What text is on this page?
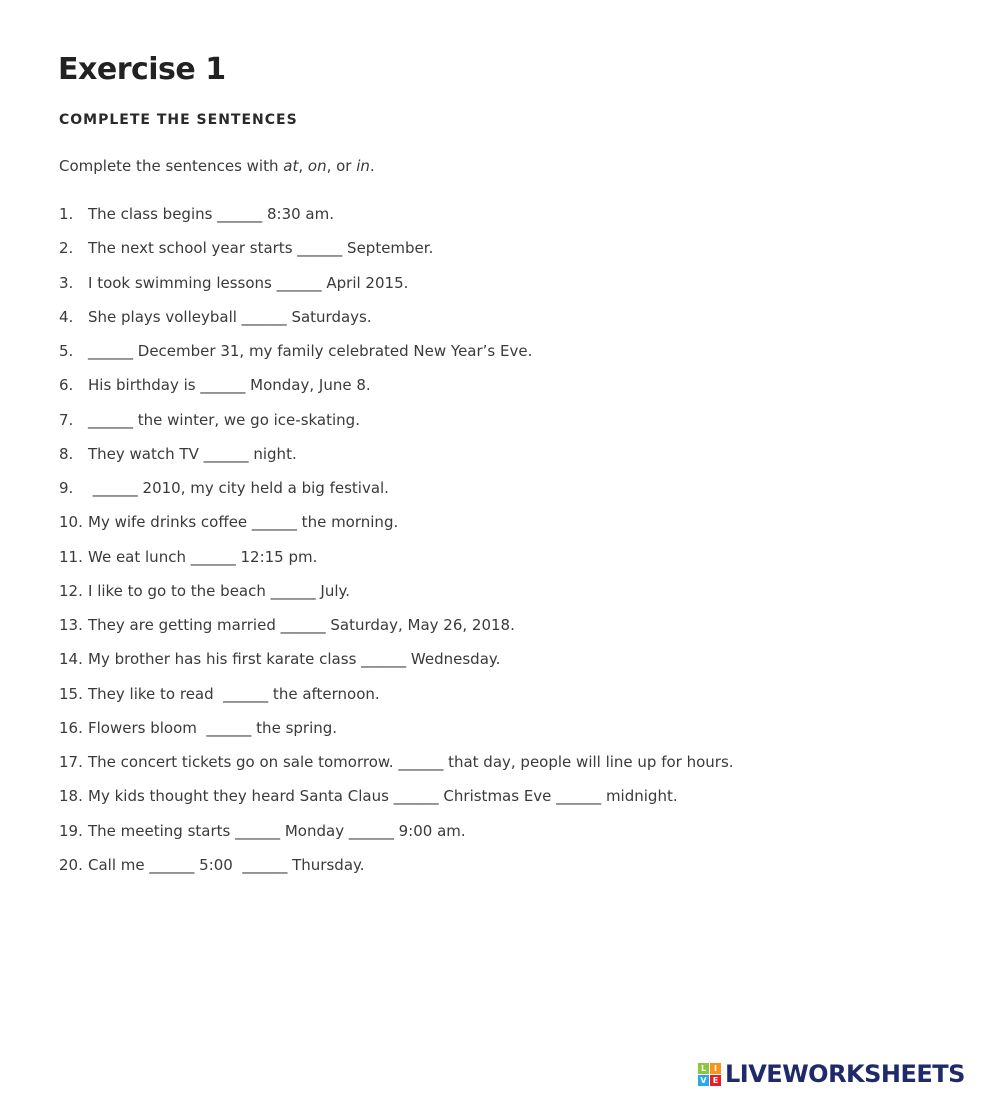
Exercise 1
COMPLETE THE SENTENCES

Complete the sentences with at, on, or in.

1. The class begins ______ 8:30 am.
2. The next school year starts ______ September.
3. I took swimming lessons ______ April 2015.
4. She plays volleyball ______ Saturdays.
5. ______ December 31, my family celebrated New Year’s Eve.
6. His birthday is ______ Monday, June 8.
7. ______ the winter, we go ice-skating.
8. They watch TV ______ night.
9. ______ 2010, my city held a big festival.
10. My wife drinks coffee ______ the morning.
11. We eat lunch ______ 12:15 pm.
12. I like to go to the beach ______ July.
13. They are getting married ______ Saturday, May 26, 2018.
14. My brother has his first karate class ______ Wednesday.
15. They like to read  ______ the afternoon.
16. Flowers bloom  ______ the spring.
17. The concert tickets go on sale tomorrow. ______ that day, people will line up for hours.
18. My kids thought they heard Santa Claus ______ Christmas Eve ______ midnight.
19. The meeting starts ______ Monday ______ 9:00 am.
20. Call me ______ 5:00  ______ Thursday.
L I
V E LIVEWORKSHEETS
